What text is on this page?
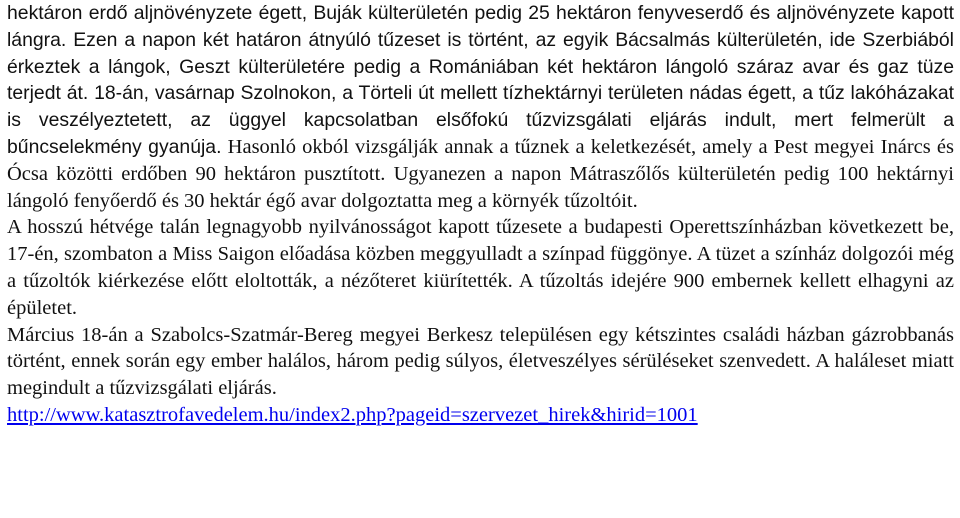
hektáron erdő aljnövényzete égett, Buják külterületén pedig 25 hektáron fenyveserdő és aljnövényzete kapott lángra. Ezen a napon két határon átnyúló tűzeset is történt, az egyik Bácsalmás külterületén, ide Szerbiából érkeztek a lángok, Geszt külterületére pedig a Romániában két hektáron lángoló száraz avar és gaz tüze terjedt át. 18-án, vasárnap Szolnokon, a Törteli út mellett tízhektárnyi területen nádas égett, a tűz lakóházakat is veszélyeztetett, az üggyel kapcsolatban elsőfokú tűzvizsgálati eljárás indult, mert felmerült a bűncselekmény gyanúja. Hasonló okból vizsgálják annak a tűznek a keletkezését, amely a Pest megyei Inárcs és Ócsa közötti erdőben 90 hektáron pusztított. Ugyanezen a napon Mátraszőlős külterületén pedig 100 hektárnyi lángoló fenyőerdő és 30 hektár égő avar dolgoztatta meg a környék tűzoltóit.

A hosszú hétvége talán legnagyobb nyilvánosságot kapott tűzesete a budapesti Operettszínházban következett be, 17-én, szombaton a Miss Saigon előadása közben meggyulladt a színpad függönye. A tüzet a színház dolgozói még a tűzoltók kiérkezése előtt eloltották, a nézőteret kiürítették. A tűzoltás idejére 900 embernek kellett elhagyni az épületet.

Március 18-án a Szabolcs-Szatmár-Bereg megyei Berkesz településen egy kétszintes családi házban gázrobbanás történt, ennek során egy ember halálos, három pedig súlyos, életveszélyes sérüléseket szenvedett. A haláleset miatt megindult a tűzvizsgálati eljárás.

http://www.katasztrofavedelem.hu/index2.php?pageid=szervezet_hirek&hirid=1001
